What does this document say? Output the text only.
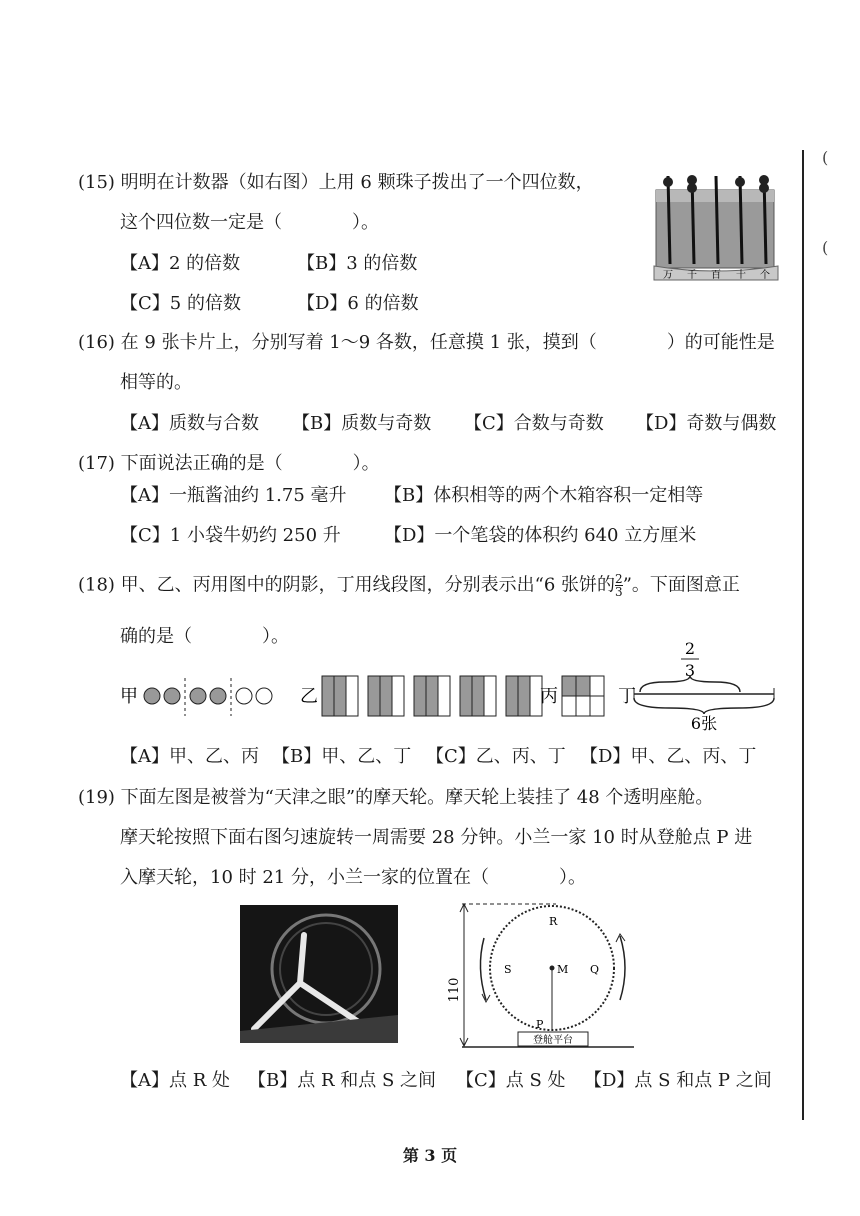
(
(
(15) 明明在计数器（如右图）上用 6 颗珠子拨出了一个四位数，
这个四位数一定是（	）。
【A】2 的倍数	【B】3 的倍数
【C】5 的倍数	【D】6 的倍数
万 千 百 十 个
(16) 在 9 张卡片上，分别写着 1～9 各数，任意摸 1 张，摸到（	）的可能性是
相等的。
【A】质数与合数 【B】质数与奇数 【C】合数与奇数 【D】奇数与偶数
(17) 下面说法正确的是（	）。
【A】一瓶酱油约 1.75 毫升 【B】体积相等的两个木箱容积一定相等
【C】1 小袋牛奶约 250 升 【D】一个笔袋的体积约 640 立方厘米
(18) 甲、乙、丙用图中的阴影，丁用线段图，分别表示出“6 张饼的 $\frac{2}{3}$ ”。下面图意正
确的是（	）。
甲	乙	丙	丁
2
3
6张
【A】甲、乙、丙 【B】甲、乙、丁 【C】乙、丙、丁 【D】甲、乙、丙、丁
(19) 下面左图是被誉为“天津之眼”的摩天轮。摩天轮上装挂了 48 个透明座舱。
摩天轮按照下面右图匀速旋转一周需要 28 分钟。小兰一家 10 时从登舱点 P 进
入摩天轮，10 时 21 分，小兰一家的位置在（	）。
110
R
S	M Q
P
登舱平台
【A】点 R 处 【B】点 R 和点 S 之间 【C】点 S 处 【D】点 S 和点 P 之间
第 3 页
